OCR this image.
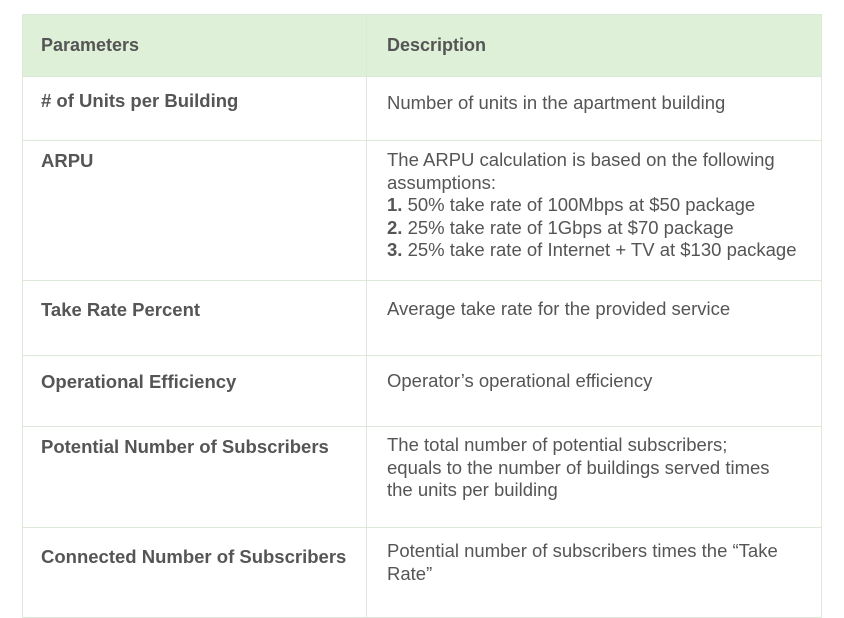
Parameters	Description

# of Units per Building	Number of units in the apartment building

ARPU	The ARPU calculation is based on the following
assumptions:
1. 50% take rate of 100Mbps at $50 package
2. 25% take rate of 1Gbps at $70 package
3. 25% take rate of Internet + TV at $130 package

Take Rate Percent	Average take rate for the provided service

Operational Efficiency	Operator’s operational efficiency

Potential Number of Subscribers	The total number of potential subscribers;
equals to the number of buildings served times
the units per building

Connected Number of Subscribers	Potential number of subscribers times the “Take
Rate”
